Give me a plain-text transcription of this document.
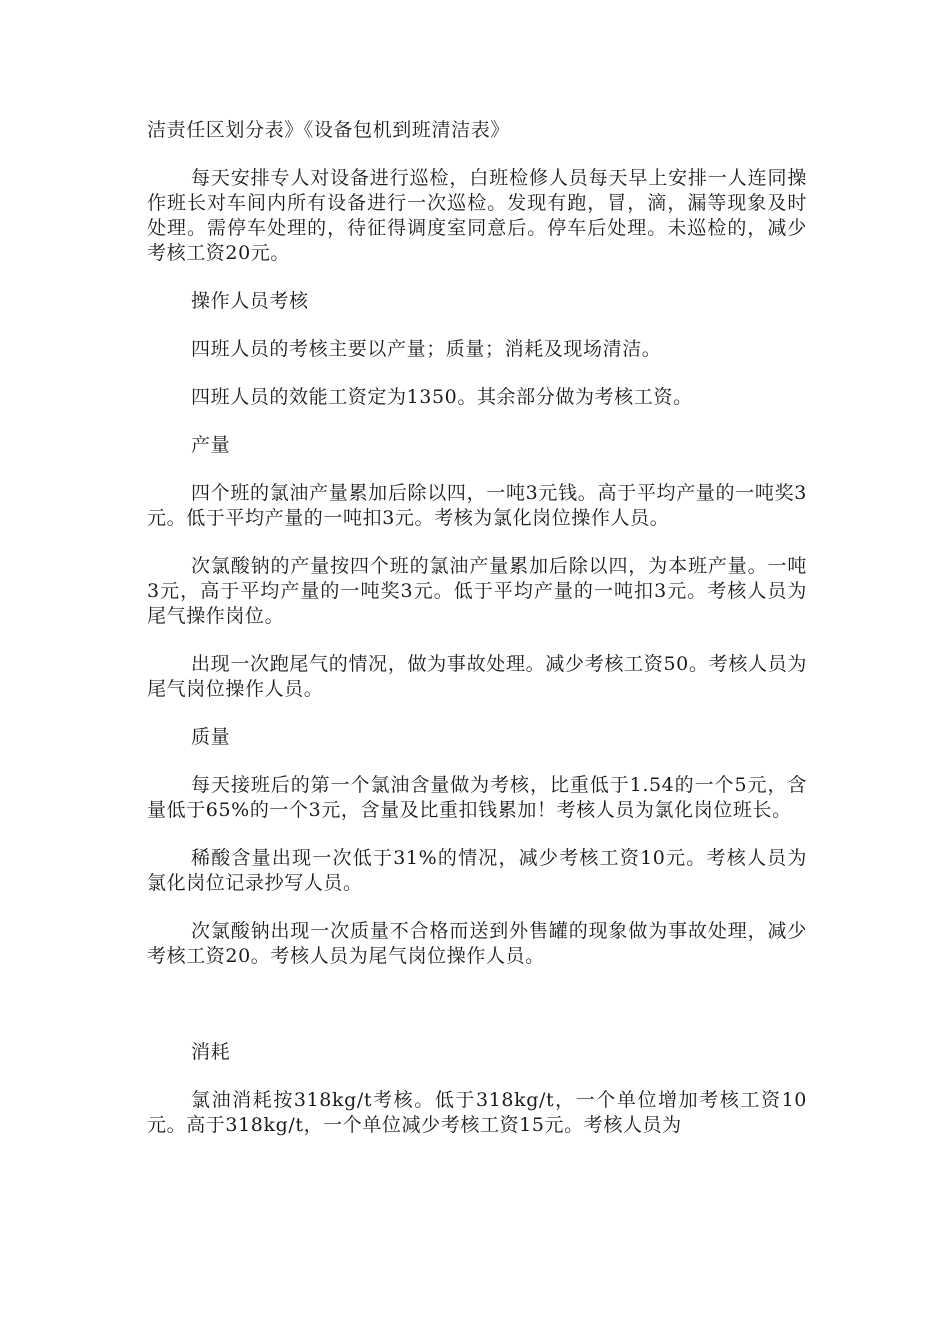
洁责任区划分表》《设备包机到班清洁表》

每天安排专人对设备进行巡检，白班检修人员每天早上安排一人连同操作班长对车间内所有设备进行一次巡检。发现有跑，冒，滴，漏等现象及时处理。需停车处理的，待征得调度室同意后。停车后处理。未巡检的，减少考核工资20元。

操作人员考核

四班人员的考核主要以产量；质量；消耗及现场清洁。

四班人员的效能工资定为1350。其余部分做为考核工资。

产量

四个班的氯油产量累加后除以四，一吨3元钱。高于平均产量的一吨奖3元。低于平均产量的一吨扣3元。考核为氯化岗位操作人员。

次氯酸钠的产量按四个班的氯油产量累加后除以四，为本班产量。一吨3元，高于平均产量的一吨奖3元。低于平均产量的一吨扣3元。考核人员为尾气操作岗位。

出现一次跑尾气的情况，做为事故处理。减少考核工资50。考核人员为尾气岗位操作人员。

质量

每天接班后的第一个氯油含量做为考核，比重低于1.54的一个5元，含量低于65%的一个3元，含量及比重扣钱累加！考核人员为氯化岗位班长。

稀酸含量出现一次低于31%的情况，减少考核工资10元。考核人员为氯化岗位记录抄写人员。

次氯酸钠出现一次质量不合格而送到外售罐的现象做为事故处理，减少考核工资20。考核人员为尾气岗位操作人员。

消耗

氯油消耗按318kg/t考核。低于318kg/t，一个单位增加考核工资10元。高于318kg/t，一个单位减少考核工资15元。考核人员为
